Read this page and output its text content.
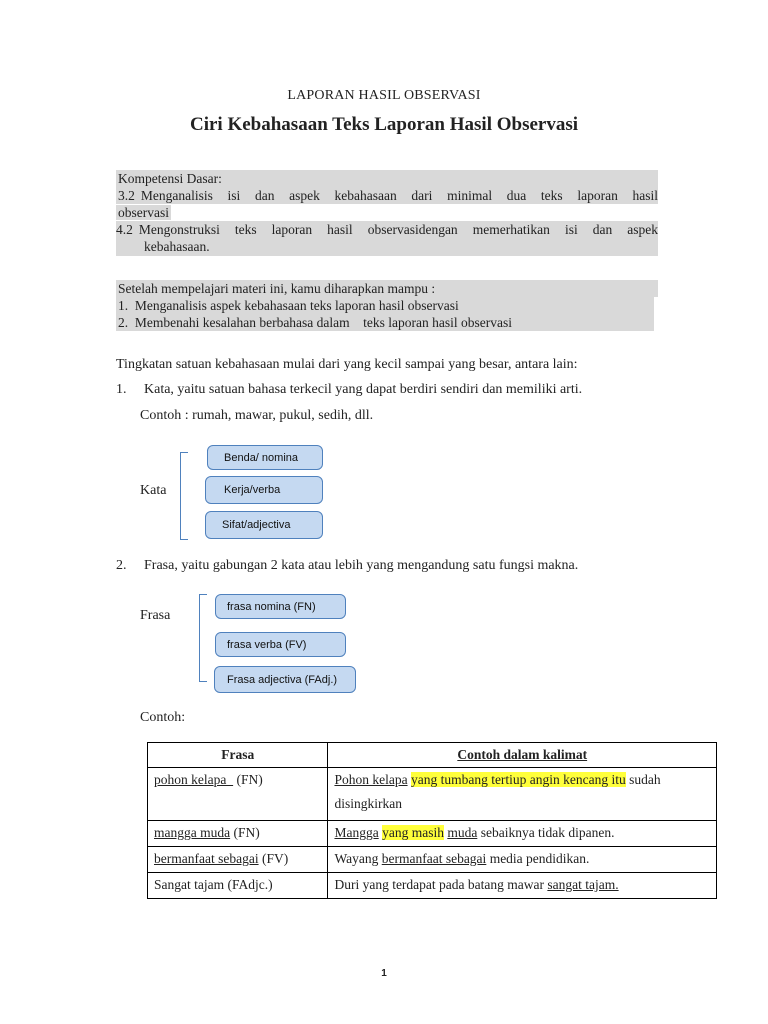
LAPORAN HASIL OBSERVASI
Ciri Kebahasaan Teks Laporan Hasil Observasi
Kompetensi Dasar:
3.2 Menganalisis isi dan aspek kebahasaan dari minimal dua teks laporan hasil
observasi
4.2 Mengonstruksi teks laporan hasil observasidengan memerhatikan isi dan aspek
kebahasaan.
Setelah mempelajari materi ini, kamu diharapkan mampu :
1. Menganalisis aspek kebahasaan teks laporan hasil observasi
2. Membenahi kesalahan berbahasa dalam    teks laporan hasil observasi
Tingkatan satuan kebahasaan mulai dari yang kecil sampai yang besar, antara lain:
1. Kata, yaitu satuan bahasa terkecil yang dapat berdiri sendiri dan memiliki arti.
Contoh : rumah, mawar, pukul, sedih, dll.
Kata
Benda/ nomina
Kerja/verba
Sifat/adjectiva
2. Frasa, yaitu gabungan 2 kata atau lebih yang mengandung satu fungsi makna.
Frasa
frasa nomina (FN)
frasa verba (FV)
Frasa adjectiva (FAdj.)
Contoh:
Frasa	Contoh dalam kalimat
pohon kelapa   (FN)	Pohon kelapa yang tumbang tertiup angin kencang itu sudah
disingkirkan

mangga muda (FN)	Mangga yang masih muda sebaiknya tidak dipanen.
bermanfaat sebagai (FV)	Wayang bermanfaat sebagai media pendidikan.
Sangat tajam (FAdjc.)	Duri yang terdapat pada batang mawar sangat tajam.
1
